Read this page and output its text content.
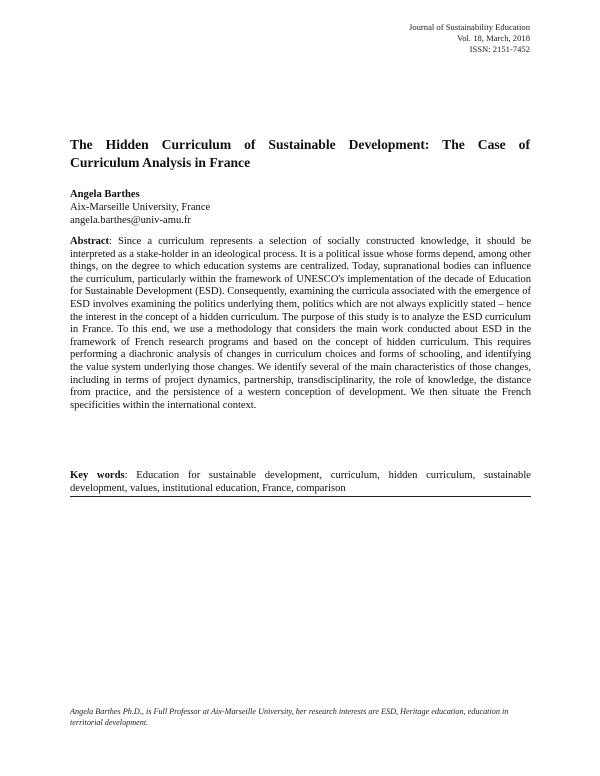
Journal of Sustainability Education
Vol. 18, March, 2018
ISSN: 2151-7452
The Hidden Curriculum of Sustainable Development: The Case of
Curriculum Analysis in France
Angela Barthes
Aix-Marseille University, France
angela.barthes@univ-amu.fr

Abstract: Since a curriculum represents a selection of socially constructed knowledge, it should be interpreted as a stake-holder in an ideological process. It is a political issue whose forms depend, among other things, on the degree to which education systems are centralized. Today, supranational bodies can influence the curriculum, particularly within the framework of UNESCO's implementation of the decade of Education for Sustainable Development (ESD). Consequently, examining the curricula associated with the emergence of ESD involves examining the politics underlying them, politics which are not always explicitly stated – hence the interest in the concept of a hidden curriculum. The purpose of this study is to analyze the ESD curriculum in France. To this end, we use a methodology that considers the main work conducted about ESD in the framework of French research programs and based on the concept of hidden curriculum. This requires performing a diachronic analysis of changes in curriculum choices and forms of schooling, and identifying the value system underlying those changes. We identify several of the main characteristics of those changes, including in terms of project dynamics, partnership, transdisciplinarity, the role of knowledge, the distance from practice, and the persistence of a western conception of development. We then situate the French specificities within the international context.

Key words: Education for sustainable development, curriculum, hidden curriculum, sustainable development, values, institutional education, France, comparison

Angela Barthes Ph.D., is Full Professor at Aix-Marseille University, her research interests are ESD, Heritage education, education in territorial development.
